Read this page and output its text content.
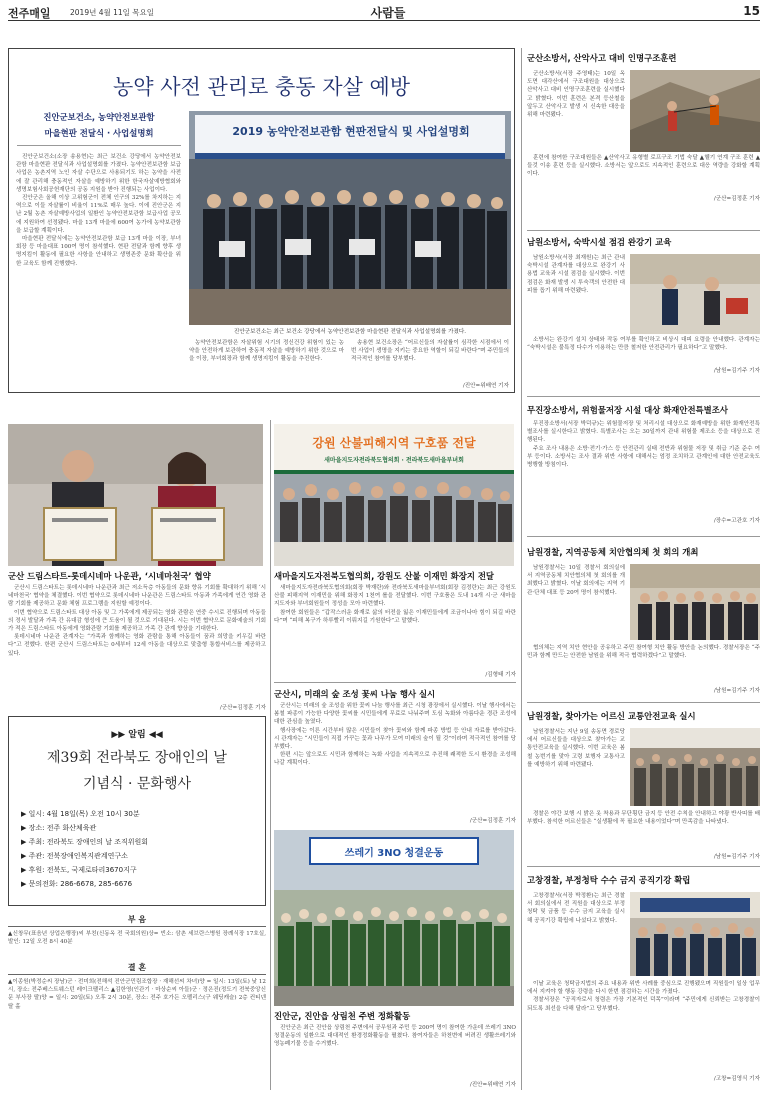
전주매일	2019년 4월 11일 목요일	사람들	15
농약 사전 관리로 충동 자살 예방
진안군보건소, 농약안전보관함
마을현판 전달식 · 사업설명회

진안군보건소(소장 송용현)는 최근 보건소 강당에서 농약안전보관함 마을현판 전달식과 사업설명회를 가졌다. 농약안전보관함 보급사업은 농촌지역 노인 자살 수단으로 사용되기도 하는 농약을 사전에 잘 관리해 충동적인 자살을 예방하기 위한 한국자살예방협회와 생명보험사회공헌재단의 공동 지원을 받아 진행되는 사업이다.

진안군은 올해 이상 고위험군이 전체 인구의 32%를 차지하는 지역으로 이들 자살률이 비율이 11%로 매우 높다. 이에 진안군은 지난 2월 농촌 자살예방사업의 일환인 농약안전보관함 보급사업 공모에 지원하여 선정됐다. 마을 13개 마을에 600여 농가에 농약보관함을 보급할 계획이다.

마을현판 전달식에는 농약안전보관함 보급 13개 마을 이장, 부녀회장 등 마을대표 100여 명이 참석했다. 현판 전달과 함께 향후 생명지킴이 활동에 필요한 사항을 안내하고 생명존중 문화 확산을 위한 교육도 함께 진행했다.

2019 농약안전보관함 현판전달식 및 사업설명회
진안군보건소는 최근 보건소 강당에서 농약안전보관함 마을현판 전달식과 사업설명회를 가졌다.

농약안전보관함은 자살위험 시기의 정신건강 위험이 있는 농약을 안전하게 보관하여 충동적 자살을 예방하기 위한 것으로 마을 이장, 부녀회장과 함께 생명지킴이 활동을 추진한다.

송용현 보건소장은 “어르신들의 자살률이 심각한 시점에서 이번 사업이 생명을 지키는 중요한 역할이 되길 바란다”며 주민들의 적극적인 참여를 당부했다.

/진안=위배연 기자
군산 드림스타트-롯데시네마 나운관, ‘시네마천국’ 협약

군산시 드림스타트는 롯데시네마 나운관과 최근 저소득층 아동들의 문화 향유 기회를 확대하기 위해 ‘시네마천국’ 협약을 체결했다. 이번 협약으로 롯데시네마 나운관은 드림스타트 아동과 가족에게 연간 영화 관람 기회를 제공하고 문화 체험 프로그램을 지원할 예정이다.

이번 협약으로 드림스타트 대상 아동 및 그 가족에게 제공되는 영화 관람은 연중 수시로 진행되며 아동들의 정서 발달과 가족 간 유대감 형성에 큰 도움이 될 것으로 기대된다. 시는 이번 협약으로 문화예술의 기회가 적은 드림스타트 아동에게 영화관람 기회를 제공하고 가족 간 관계 향상을 기대한다.

롯데시네마 나운관 관계자는 “가족과 함께하는 영화 관람을 통해 아동들이 꿈과 희망을 키우길 바란다”고 전했다. 한편 군산시 드림스타트는 0세부터 12세 아동을 대상으로 맞춤형 통합서비스를 제공하고 있다.

/군산=김정훈 기자
▶▶ 알림 ◀◀
제39회 전라북도 장애인의 날
기념식 · 문화행사
▶ 일시: 4월 18일(목) 오전 10시 30분
▶ 장소: 전주 화산체육관
▶ 주최: 전라북도 장애인의 날 조직위원회
▶ 주관: 전북장애인복지관계연구소
▶ 후원: 전북도, 국제로타리3670지구
▶ 문의전화: 286-6678, 285-6676
부 음
▲신창무(표음년 상업은행장)씨 부친(신동옥 전 국회의원)상= 빈소: 삼촌 세브란스병원 장례식장 17호실, 발인: 12일 오전 8시 40분
결 혼
▲이종원(박정순씨 장남)군 · 전미희(전해석 진안군민림조합장 · 재해선씨 차녀)양 = 일시: 13일(토) 낮 12시, 장소: 전주베스트웨스턴 레이크팰리스 ▲김한영(인관기 · 마상순씨 아들)군 · 정은진(정도기 전북중앙신문 부사장 딸)양 = 일시: 20일(토) 오후 2시 30분, 장소: 전주 호가든 오펠리스(구 웨딩캐슬) 2층 컨티넨탈 홀
강원 산불피해지역 구호품 전달
새마을지도자전라북도협의회 · 전라북도새마을부녀회
새마을지도자전북도협의회, 강원도 산불 이재민 화장지 전달

새마을지도자전라북도협의회(회장 박재란)와 전라북도새마을부녀회(회장 김정란)는 최근 강원도 산불 피해지역 이재민을 위해 화장지 1천여 롤을 전달했다. 이번 구호품은 도내 14개 시·군 새마을지도자와 부녀회원들이 정성을 모아 마련했다.

참여한 회원들은 “갑작스러운 화재로 삶의 터전을 잃은 이재민들에게 조금이나마 힘이 되길 바란다”며 “피해 복구가 하루빨리 이뤄지길 기원한다”고 말했다.

/김형태 기자
군산시, 미래의 숲 조성 꽃씨 나눔 행사 실시

군산시는 미래의 숲 조성을 위한 꽃씨 나눔 행사를 최근 시청 광장에서 실시했다. 이날 행사에서는 봄철 파종이 가능한 다양한 꽃씨를 시민들에게 무료로 나눠주며 도심 녹화와 아름다운 경관 조성에 대한 관심을 높였다.

행사장에는 이른 시간부터 많은 시민들이 찾아 꽃씨와 함께 파종 방법 등 안내 자료를 받아갔다. 시 관계자는 “시민들이 직접 가꾸는 꽃과 나무가 모여 미래의 숲이 될 것”이라며 적극적인 참여를 당부했다.

한편 시는 앞으로도 시민과 함께하는 녹화 사업을 지속적으로 추진해 쾌적한 도시 환경을 조성해 나갈 계획이다.

/군산=김정훈 기자
쓰레기 3NO 청결운동
진안군, 진안읍 상림천 주변 정화활동

진안군은 최근 진안읍 상림천 주변에서 공무원과 주민 등 200여 명이 참여한 가운데 쓰레기 3NO 청결운동의 일환으로 대대적인 환경정화활동을 펼쳤다. 참여자들은 하천변에 버려진 생활쓰레기와 영농폐기물 등을 수거했다.

/진안=위배연 기자
군산소방서, 산악사고 대비 인명구조훈련

군산소방서(서장 주영태)는 10일 옥도면 대각산에서 구조대원을 대상으로 산악사고 대비 인명구조훈련을 실시했다고 밝혔다. 이번 훈련은 본격 등산철을 앞두고 산악사고 발생 시 신속한 대응을 위해 마련됐다.

훈련에 참여한 구조대원들은 ▲산악사고 유형별 로프구조 기법 숙달 ▲헬기 연계 구조 훈련 ▲들것 이송 훈련 등을 실시했다. 소방서는 앞으로도 지속적인 훈련으로 대응 역량을 강화할 계획이다.

/군산=김정훈 기자
남원소방서, 숙박시설 점검 완강기 교육

남원소방서(서장 최재원)는 최근 관내 숙박시설 관계자를 대상으로 완강기 사용법 교육과 시설 점검을 실시했다. 이번 점검은 화재 발생 시 투숙객의 안전한 대피를 돕기 위해 마련됐다.

소방서는 완강기 설치 상태와 작동 여부를 확인하고 비상시 대피 요령을 안내했다. 관계자는 “숙박시설은 불특정 다수가 이용하는 만큼 철저한 안전관리가 필요하다”고 말했다.

/남원=김기주 기자
무진장소방서, 위험물저장 시설 대상 화재안전특별조사

무진장소방서(서장 박덕규)는 위험물저장 및 처리시설 대상으로 화재예방을 위한 화재안전특별조사를 실시한다고 밝혔다. 특별조사는 오는 30일까지 관내 위험물 제조소 등을 대상으로 진행된다.

주요 조사 내용은 소방·전기·가스 등 안전관리 실태 전반과 위험물 저장 및 취급 기준 준수 여부 등이다. 소방서는 조사 결과 위반 사항에 대해서는 엄정 조치하고 관계인에 대한 안전교육도 병행할 방침이다.

/장수=고관호 기자
남원경찰, 지역공동체 치안협의체 첫 회의 개최

남원경찰서는 10일 경찰서 회의실에서 지역공동체 치안협의체 첫 회의를 개최했다고 밝혔다. 이날 회의에는 지역 기관·단체 대표 등 20여 명이 참석했다.

협의체는 지역 치안 현안을 공유하고 주민 참여형 치안 활동 방안을 논의했다. 경찰서장은 “주민과 함께 만드는 안전한 남원을 위해 적극 협력하겠다”고 말했다.

/남원=김기주 기자
남원경찰, 찾아가는 어르신 교통안전교육 실시

남원경찰서는 지난 9일 송동면 경로당에서 어르신들을 대상으로 찾아가는 교통안전교육을 실시했다. 이번 교육은 봄철 농번기를 맞아 고령 보행자 교통사고를 예방하기 위해 마련됐다.

경찰은 야간 보행 시 밝은 옷 착용과 무단횡단 금지 등 안전 수칙을 안내하고 야광 반사띠를 배부했다. 참석한 어르신들은 “실생활에 꼭 필요한 내용이었다”며 만족감을 나타냈다.

/남원=김기주 기자
고창경찰, 부정청탁 수수 금지 공직기강 확립

고창경찰서(서장 박정환)는 최근 경찰서 회의실에서 전 직원을 대상으로 부정청탁 및 금품 등 수수 금지 교육을 실시해 공직기강 확립에 나섰다고 밝혔다.

이날 교육은 청탁금지법의 주요 내용과 위반 사례를 중심으로 진행됐으며 직원들이 일상 업무에서 지켜야 할 행동 강령을 다시 한번 점검하는 시간을 가졌다.

경찰서장은 “공직자로서 청렴은 가장 기본적인 덕목”이라며 “주민에게 신뢰받는 고창경찰이 되도록 최선을 다해 달라”고 당부했다.

/고창=김영식 기자
